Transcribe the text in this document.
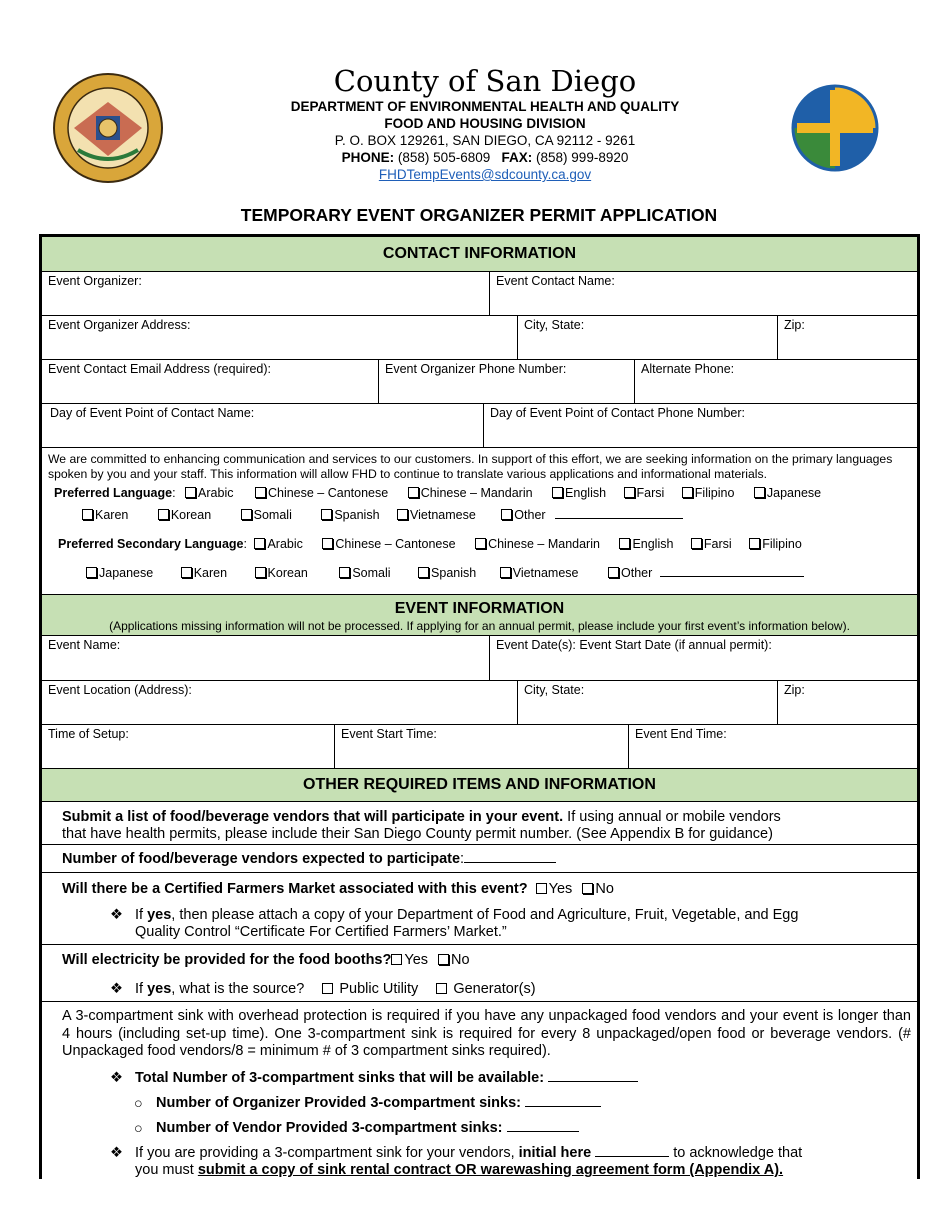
County of San Diego
DEPARTMENT OF ENVIRONMENTAL HEALTH AND QUALITY
FOOD AND HOUSING DIVISION
P. O. BOX 129261, SAN DIEGO, CA 92112 - 9261
PHONE: (858) 505-6809 FAX: (858) 999-8920
FHDTempEvents@sdcounty.ca.gov
TEMPORARY EVENT ORGANIZER PERMIT APPLICATION
CONTACT INFORMATION
Event Organizer:	Event Contact Name:
Event Organizer Address:	City, State:	Zip:
Event Contact Email Address (required):	Event Organizer Phone Number:	Alternate Phone:
Day of Event Point of Contact Name:	Day of Event Point of Contact Phone Number:
We are committed to enhancing communication and services to our customers. In support of this effort, we are seeking information on the primary languages spoken by you and your staff. This information will allow FHD to continue to translate various applications and informational materials.
Preferred Language: Arabic	Chinese – Cantonese	Chinese – Mandarin	English Farsi Filipino	Japanese
Karen	Korean	Somali	Spanish Vietnamese	Other
Preferred Secondary Language: Arabic	Chinese – Cantonese	Chinese – Mandarin	English Farsi Filipino
Japanese	Karen	Korean	Somali	Spanish	Vietnamese	Other
EVENT INFORMATION
(Applications missing information will not be processed. If applying for an annual permit, please include your first event’s information below).
Event Name:	Event Date(s): Event Start Date (if annual permit):
Event Location (Address):	City, State:	Zip:
Time of Setup:	Event Start Time:	Event End Time:
OTHER REQUIRED ITEMS AND INFORMATION
Submit a list of food/beverage vendors that will participate in your event. If using annual or mobile vendors
that have health permits, please include their San Diego County permit number. (See Appendix B for guidance)
Number of food/beverage vendors expected to participate:
Will there be a Certified Farmers Market associated with this event? Yes No
❖ If yes, then please attach a copy of your Department of Food and Agriculture, Fruit, Vegetable, and Egg
Quality Control “Certificate For Certified Farmers’ Market.”
Will electricity be provided for the food booths? Yes No
❖ If yes, what is the source? Public Utility Generator(s)
A 3-compartment sink with overhead protection is required if you have any unpackaged food vendors and your event is longer than 4 hours (including set-up time). One 3-compartment sink is required for every 8 unpackaged/open food or beverage vendors. (# Unpackaged food vendors/8 = minimum # of 3 compartment sinks required).
❖ Total Number of 3-compartment sinks that will be available:
○ Number of Organizer Provided 3-compartment sinks:
○ Number of Vendor Provided 3-compartment sinks:
❖ If you are providing a 3-compartment sink for your vendors, initial here	to acknowledge that
you must submit a copy of sink rental contract OR warewashing agreement form (Appendix A).
